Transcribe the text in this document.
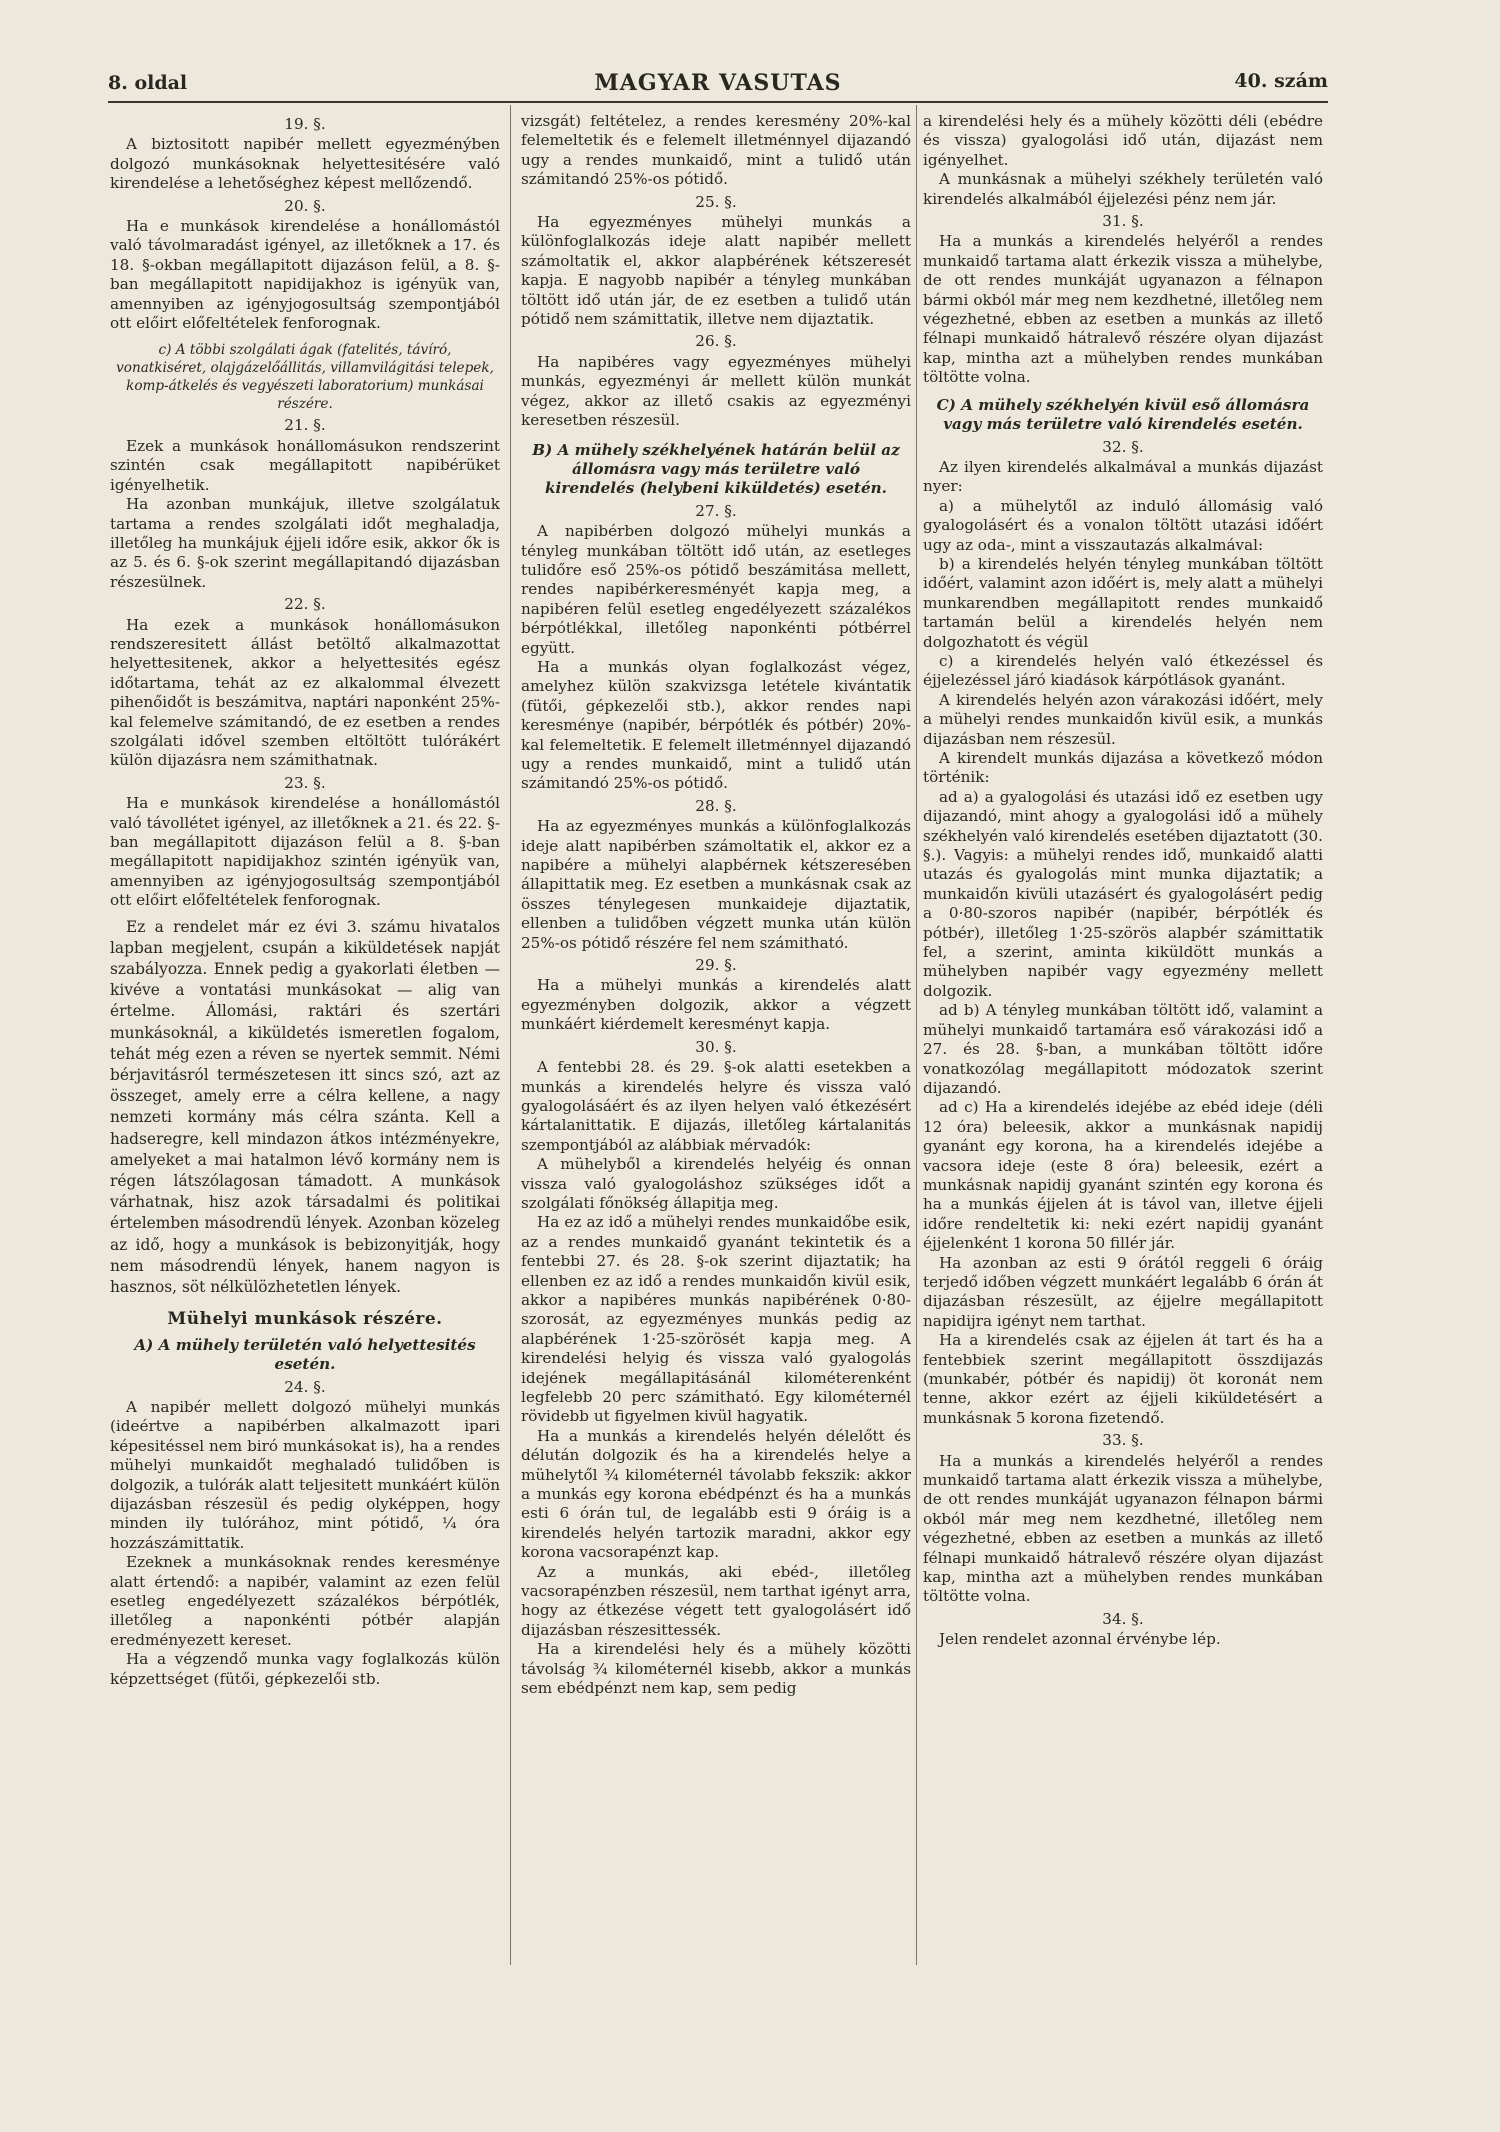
8. oldal	MAGYAR VASUTAS	40. szám

19. §.

A biztositott napibér mellett egyezménýben dolgozó munkásoknak helyettesitésére való kirendelése a lehetőséghez képest mellőzendő.

20. §.

Ha e munkások kirendelése a honállomástól való távolmaradást igényel, az illetőknek a 17. és 18. §-okban megállapitott dijazáson felül, a 8. §-ban megállapitott napidijakhoz is igényük van, amennyiben az igényjogosultság szempontjából ott előirt előfeltételek fenforognak.

c) A többi szolgálati ágak (fatelités, távíró, vonatkiséret, olajgázelőállitás, villamvilágitási telepek, komp-átkelés és vegyészeti laboratorium) munkásai részére.

21. §.

Ezek a munkások honállomásukon rendszerint szintén csak megállapitott napibérüket igényelhetik.

Ha azonban munkájuk, illetve szolgálatuk tartama a rendes szolgálati időt meghaladja, illetőleg ha munkájuk éjjeli időre esik, akkor ők is az 5. és 6. §-ok szerint megállapitandó dijazásban részesülnek.

22. §.

Ha ezek a munkások honállomásukon rendszeresitett állást betöltő alkalmazottat helyettesitenek, akkor a helyettesités egész időtartama, tehát az ez alkalommal élvezett pihenőidőt is beszámitva, naptári naponként 25%-kal felemelve számitandó, de ez esetben a rendes szolgálati idővel szemben eltöltött tulórákért külön dijazásra nem számithatnak.

23. §.

Ha e munkások kirendelése a honállomástól való távollétet igényel, az illetőknek a 21. és 22. §-ban megállapitott dijazáson felül a 8. §-ban megállapitott napidijakhoz szintén igényük van, amennyiben az igényjogosultság szempontjából ott előirt előfeltételek fenforognak.

Ez a rendelet már ez évi 3. számu hivatalos lapban megjelent, csupán a kiküldetések napját szabályozza. Ennek pedig a gyakorlati életben — kivéve a vontatási munkásokat — alig van értelme. Állomási, raktári és szertári munkásoknál, a kiküldetés ismeretlen fogalom, tehát még ezen a réven se nyertek semmit. Némi bérjavitásról természetesen itt sincs szó, azt az összeget, amely erre a célra kellene, a nagy nemzeti kormány más célra szánta. Kell a hadseregre, kell mindazon átkos intézményekre, amelyeket a mai hatalmon lévő kormány nem is régen látszólagosan támadott. A munkások várhatnak, hisz azok társadalmi és politikai értelemben másodrendü lények. Azonban közeleg az idő, hogy a munkások is bebizonyitják, hogy nem másodrendü lények, hanem nagyon is hasznos, söt nélkülözhetetlen lények.

Mühelyi munkások részére.

A) A mühely területén való helyettesités esetén.

24. §.

A napibér mellett dolgozó mühelyi munkás (ideértve a napibérben alkalmazott ipari képesitéssel nem biró munkásokat is), ha a rendes mühelyi munkaidőt meghaladó tulidőben is dolgozik, a tulórák alatt teljesitett munkáért külön dijazásban részesül és pedig olyképpen, hogy minden ily tulórához, mint pótidő, ¼ óra hozzászámittatik.

Ezeknek a munkásoknak rendes keresménye alatt értendő: a napibér, valamint az ezen felül esetleg engedélyezett százalékos bérpótlék, illetőleg a naponkénti pótbér alapján eredményezett kereset.

Ha a végzendő munka vagy foglalkozás külön képzettséget (fütői, gépkezelői stb.

vizsgát) feltételez, a rendes keresmény 20%-kal felemeltetik és e felemelt illetménnyel dijazandó ugy a rendes munkaidő, mint a tulidő után számitandó 25%-os pótidő.

25. §.

Ha egyezményes mühelyi munkás a különfoglalkozás ideje alatt napibér mellett számoltatik el, akkor alapbérének kétszeresét kapja. E nagyobb napibér a tényleg munkában töltött idő után jár, de ez esetben a tulidő után pótidő nem számittatik, illetve nem dijaztatik.

26. §.

Ha napibéres vagy egyezményes mühelyi munkás, egyezményi ár mellett külön munkát végez, akkor az illető csakis az egyezményi keresetben részesül.

B) A mühely székhelyének határán belül az állomásra vagy más területre való kirendelés (helybeni kiküldetés) esetén.

27. §.

A napibérben dolgozó mühelyi munkás a tényleg munkában töltött idő után, az esetleges tulidőre eső 25%-os pótidő beszámitása mellett, rendes napibérkeresményét kapja meg, a napibéren felül esetleg engedélyezett százalékos bérpótlékkal, illetőleg naponkénti pótbérrel együtt.

Ha a munkás olyan foglalkozást végez, amelyhez külön szakvizsga letétele kivántatik (fütői, gépkezelői stb.), akkor rendes napi keresménye (napibér, bérpótlék és pótbér) 20%-kal felemeltetik. E felemelt illetménnyel dijazandó ugy a rendes munkaidő, mint a tulidő után számitandó 25%-os pótidő.

28. §.

Ha az egyezményes munkás a különfoglalkozás ideje alatt napibérben számoltatik el, akkor ez a napibére a mühelyi alapbérnek kétszeresében állapittatik meg. Ez esetben a munkásnak csak az összes ténylegesen munkaideje dijaztatik, ellenben a tulidőben végzett munka után külön 25%-os pótidő részére fel nem számitható.

29. §.

Ha a mühelyi munkás a kirendelés alatt egyezményben dolgozik, akkor a végzett munkáért kiérdemelt keresményt kapja.

30. §.

A fentebbi 28. és 29. §-ok alatti esetekben a munkás a kirendelés helyre és vissza való gyalogolásáért és az ilyen helyen való étkezésért kártalanittatik. E dijazás, illetőleg kártalanitás szempontjából az alábbiak mérvadók:

A mühelyből a kirendelés helyéig és onnan vissza való gyalogoláshoz szükséges időt a szolgálati főnökség állapitja meg.

Ha ez az idő a mühelyi rendes munkaidőbe esik, az a rendes munkaidő gyanánt tekintetik és a fentebbi 27. és 28. §-ok szerint dijaztatik; ha ellenben ez az idő a rendes munkaidőn kivül esik, akkor a napibéres munkás napibérének 0·80-szorosát, az egyezményes munkás pedig az alapbérének 1·25-szörösét kapja meg. A kirendelési helyig és vissza való gyalogolás idejének megállapitásánál kilométerenként legfelebb 20 perc számitható. Egy kilométernél rövidebb ut figyelmen kivül hagyatik.

Ha a munkás a kirendelés helyén délelőtt és délután dolgozik és ha a kirendelés helye a mühelytől ¾ kilométernél távolabb fekszik: akkor a munkás egy korona ebédpénzt és ha a munkás esti 6 órán tul, de legalább esti 9 óráig is a kirendelés helyén tartozik maradni, akkor egy korona vacsorapénzt kap.

Az a munkás, aki ebéd-, illetőleg vacsorapénzben részesül, nem tarthat igényt arra, hogy az étkezése végett tett gyalogolásért idő dijazásban részesittessék.

Ha a kirendelési hely és a mühely közötti távolság ¾ kilométernél kisebb, akkor a munkás sem ebédpénzt nem kap, sem pedig

a kirendelési hely és a mühely közötti déli (ebédre és vissza) gyalogolási idő után, dijazást nem igényelhet.

A munkásnak a mühelyi székhely területén való kirendelés alkalmából éjjelezési pénz nem jár.

31. §.

Ha a munkás a kirendelés helyéről a rendes munkaidő tartama alatt érkezik vissza a mühelybe, de ott rendes munkáját ugyanazon a félnapon bármi okból már meg nem kezdhetné, illetőleg nem végezhetné, ebben az esetben a munkás az illető félnapi munkaidő hátralevő részére olyan dijazást kap, mintha azt a mühelyben rendes munkában töltötte volna.

C) A mühely székhelyén kivül eső állomásra vagy más területre való kirendelés esetén.

32. §.

Az ilyen kirendelés alkalmával a munkás dijazást nyer:

a) a mühelytől az induló állomásig való gyalogolásért és a vonalon töltött utazási időért ugy az oda-, mint a visszautazás alkalmával:

b) a kirendelés helyén tényleg munkában töltött időért, valamint azon időért is, mely alatt a mühelyi munkarendben megállapitott rendes munkaidő tartamán belül a kirendelés helyén nem dolgozhatott és végül

c) a kirendelés helyén való étkezéssel és éjjelezéssel járó kiadások kárpótlások gyanánt.

A kirendelés helyén azon várakozási időért, mely a mühelyi rendes munkaidőn kivül esik, a munkás dijazásban nem részesül.

A kirendelt munkás dijazása a következő módon történik:

ad a) a gyalogolási és utazási idő ez esetben ugy dijazandó, mint ahogy a gyalogolási idő a mühely székhelyén való kirendelés esetében dijaztatott (30. §.). Vagyis: a mühelyi rendes idő, munkaidő alatti utazás és gyalogolás mint munka dijaztatik; a munkaidőn kivüli utazásért és gyalogolásért pedig a 0·80-szoros napibér (napibér, bérpótlék és pótbér), illetőleg 1·25-szörös alapbér számittatik fel, a szerint, aminta kiküldött munkás a mühelyben napibér vagy egyezmény mellett dolgozik.

ad b) A tényleg munkában töltött idő, valamint a mühelyi munkaidő tartamára eső várakozási idő a 27. és 28. §-ban, a munkában töltött időre vonatkozólag megállapitott módozatok szerint dijazandó.

ad c) Ha a kirendelés idejébe az ebéd ideje (déli 12 óra) beleesik, akkor a munkásnak napidij gyanánt egy korona, ha a kirendelés idejébe a vacsora ideje (este 8 óra) beleesik, ezért a munkásnak napidij gyanánt szintén egy korona és ha a munkás éjjelen át is távol van, illetve éjjeli időre rendeltetik ki: neki ezért napidij gyanánt éjjelenként 1 korona 50 fillér jár.

Ha azonban az esti 9 órától reggeli 6 óráig terjedő időben végzett munkáért legalább 6 órán át dijazásban részesült, az éjjelre megállapitott napidijra igényt nem tarthat.

Ha a kirendelés csak az éjjelen át tart és ha a fentebbiek szerint megállapitott összdijazás (munkabér, pótbér és napidij) öt koronát nem tenne, akkor ezért az éjjeli kiküldetésért a munkásnak 5 korona fizetendő.

33. §.

Ha a munkás a kirendelés helyéről a rendes munkaidő tartama alatt érkezik vissza a mühelybe, de ott rendes munkáját ugyanazon félnapon bármi okból már meg nem kezdhetné, illetőleg nem végezhetné, ebben az esetben a munkás az illető félnapi munkaidő hátralevő részére olyan dijazást kap, mintha azt a mühelyben rendes munkában töltötte volna.

34. §.

Jelen rendelet azonnal érvénybe lép.
